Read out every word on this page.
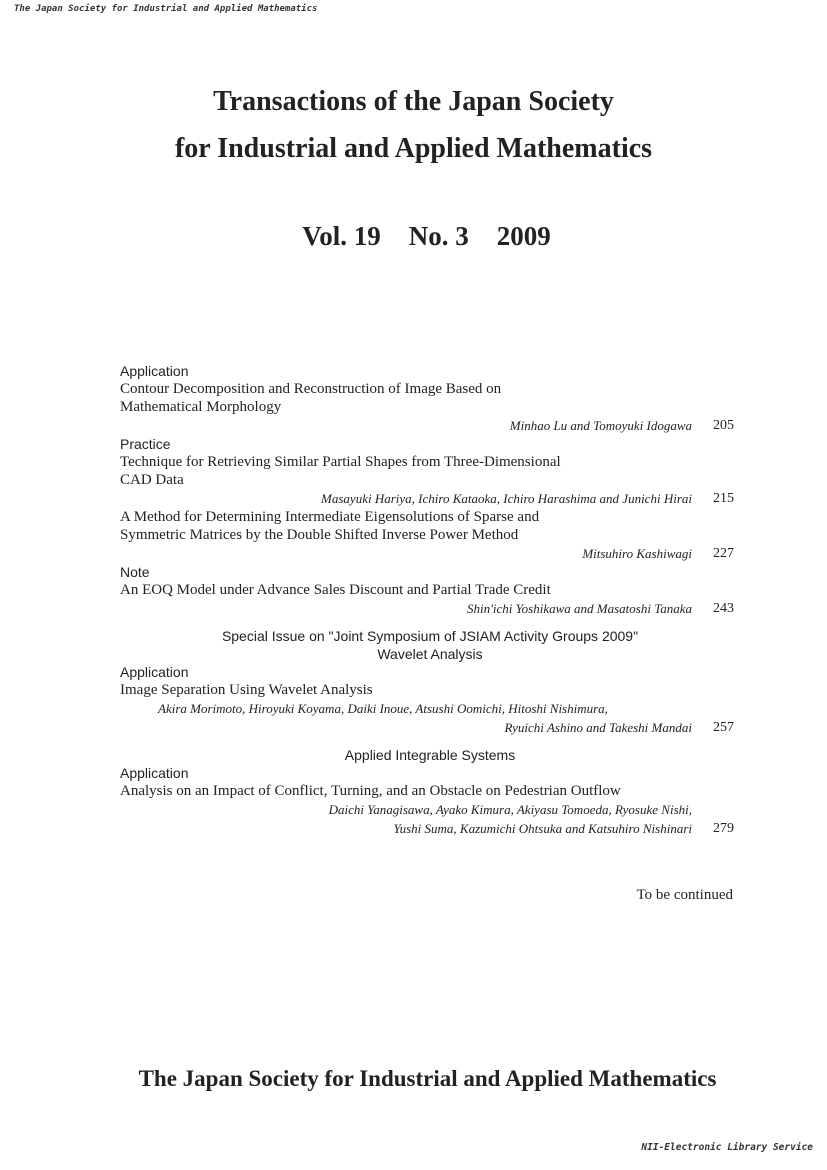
The Japan Society for Industrial and Applied Mathematics
Transactions of the Japan Society
for Industrial and Applied Mathematics
Vol. 19 No. 3 2009
Application
Contour Decomposition and Reconstruction of Image Based on
Mathematical Morphology
Minhao Lu and Tomoyuki Idogawa 205
Practice
Technique for Retrieving Similar Partial Shapes from Three-Dimensional
CAD Data
Masayuki Hariya, Ichiro Kataoka, Ichiro Harashima and Junichi Hirai 215
A Method for Determining Intermediate Eigensolutions of Sparse and
Symmetric Matrices by the Double Shifted Inverse Power Method
Mitsuhiro Kashiwagi 227
Note
An EOQ Model under Advance Sales Discount and Partial Trade Credit
Shin'ichi Yoshikawa and Masatoshi Tanaka 243
Special Issue on "Joint Symposium of JSIAM Activity Groups 2009"
Wavelet Analysis
Application
Image Separation Using Wavelet Analysis
Akira Morimoto, Hiroyuki Koyama, Daiki Inoue, Atsushi Oomichi, Hitoshi Nishimura,
Ryuichi Ashino and Takeshi Mandai 257
Applied Integrable Systems
Application
Analysis on an Impact of Conflict, Turning, and an Obstacle on Pedestrian Outflow
Daichi Yanagisawa, Ayako Kimura, Akiyasu Tomoeda, Ryosuke Nishi,
Yushi Suma, Kazumichi Ohtsuka and Katsuhiro Nishinari 279
To be continued
The Japan Society for Industrial and Applied Mathematics
NII-Electronic Library Service
